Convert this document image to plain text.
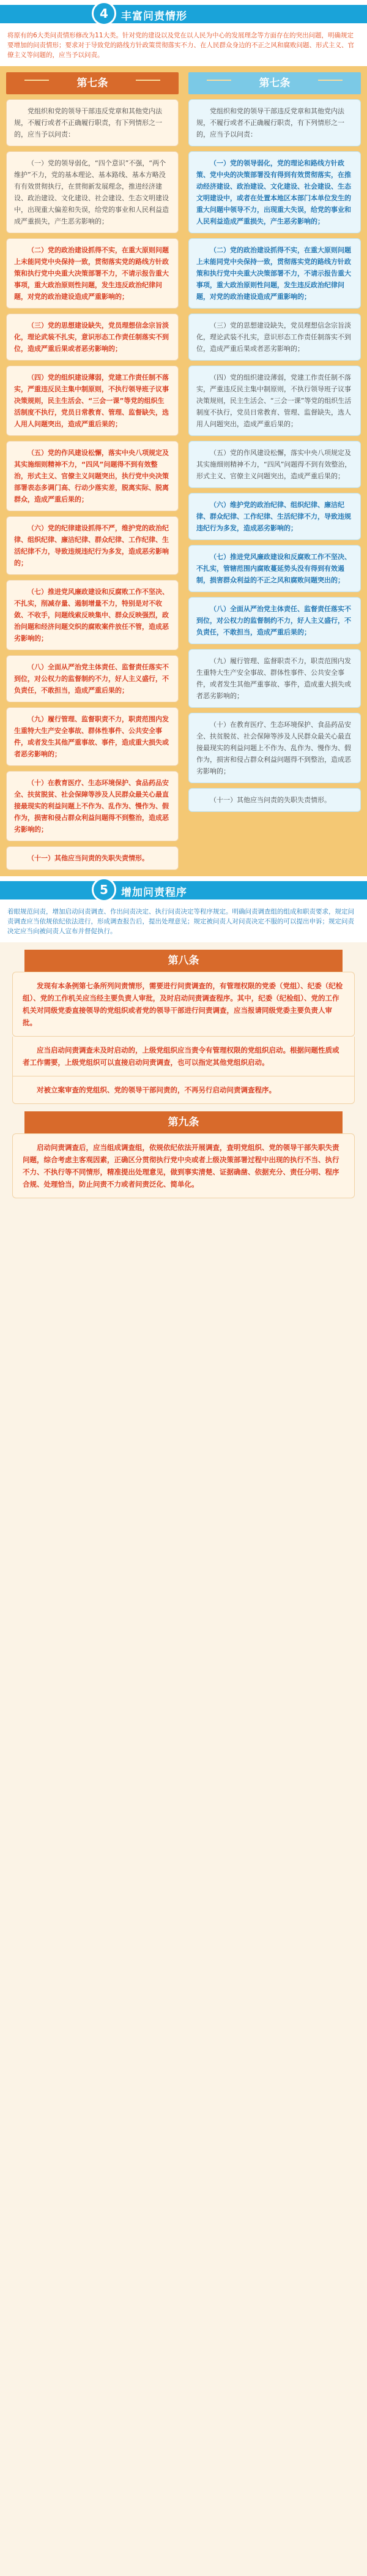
4	丰富问责情形
将原有的6大类问责情形修改为11大类。针对党的建设以及党在以人民为中心的发展理念等方面存在的突出问题，明确规定要增加的问责情形；要求对于导致党的路线方针政策贯彻落实不力、在人民群众身边的不正之风和腐败问题、形式主义、官僚主义等问题的，应当予以问责。
第七条
党组织和党的领导干部违反党章和其他党内法规，不履行或者不正确履行职责，有下列情形之一的，应当予以问责：
（一）党的领导弱化，“四个意识”不强，“两个维护”不力，党的基本理论、基本路线、基本方略没有有效贯彻执行，在贯彻新发展理念，推进经济建设、政治建设、文化建设、社会建设、生态文明建设中，出现重大偏差和失误，给党的事业和人民利益造成严重损失，产生恶劣影响的；
（二）党的政治建设抓得不实，在重大原则问题上未能同党中央保持一致，贯彻落实党的路线方针政策和执行党中央重大决策部署不力，不请示报告重大事项，重大政治原则性问题，发生违反政治纪律问题，对党的政治建设造成严重影响的；
（三）党的思想建设缺失，党员理想信念宗旨淡化，理论武装不扎实，意识形态工作责任制落实不到位，造成严重后果或者恶劣影响的；
（四）党的组织建设薄弱，党建工作责任制不落实，严重违反民主集中制原则，不执行领导班子议事决策规则，民主生活会、“三会一课”等党的组织生活制度不执行，党员日常教育、管理、监督缺失，选人用人问题突出，造成严重后果的；
（五）党的作风建设松懈，落实中央八项规定及其实施细则精神不力，“四风”问题得不到有效整治，形式主义、官僚主义问题突出，执行党中央决策部署表态多调门高、行动少落实差，脱离实际、脱离群众，造成严重后果的；
（六）党的纪律建设抓得不严，维护党的政治纪律、组织纪律、廉洁纪律、群众纪律、工作纪律、生活纪律不力，导致违规违纪行为多发，造成恶劣影响的；
（七）推进党风廉政建设和反腐败工作不坚决、不扎实，削减存量、遏制增量不力，特别是对不收敛、不收手，问题线索反映集中、群众反映强烈，政治问题和经济问题交织的腐败案件放任不管，造成恶劣影响的；
（八）全面从严治党主体责任、监督责任落实不到位，对公权力的监督制约不力，好人主义盛行，不负责任，不敢担当，造成严重后果的；
（九）履行管理、监督职责不力，职责范围内发生重特大生产安全事故、群体性事件、公共安全事件，或者发生其他严重事故、事件，造成重大损失或者恶劣影响的；
（十）在教育医疗、生态环境保护、食品药品安全、扶贫脱贫、社会保障等涉及人民群众最关心最直接最现实的利益问题上不作为、乱作为、慢作为、假作为，损害和侵占群众利益问题得不到整治，造成恶劣影响的；
（十一）其他应当问责的失职失责情形。
第七条
党组织和党的领导干部违反党章和其他党内法规，不履行或者不正确履行职责，有下列情形之一的，应当予以问责：
（一）党的领导弱化，党的理论和路线方针政策、党中央的决策部署没有得到有效贯彻落实，在推动经济建设、政治建设、文化建设、社会建设、生态文明建设中，或者在处置本地区本部门本单位发生的重大问题中领导不力，出现重大失误，给党的事业和人民利益造成严重损失，产生恶劣影响的；
（二）党的政治建设抓得不实，在重大原则问题上未能同党中央保持一致，贯彻落实党的路线方针政策和执行党中央重大决策部署不力，不请示报告重大事项，重大政治原则性问题，发生违反政治纪律问题，对党的政治建设造成严重影响的；
（三）党的思想建设缺失，党员理想信念宗旨淡化，理论武装不扎实，意识形态工作责任制落实不到位，造成严重后果或者恶劣影响的；
（四）党的组织建设薄弱，党建工作责任制不落实，严重违反民主集中制原则，不执行领导班子议事决策规则，民主生活会、“三会一课”等党的组织生活制度不执行，党员日常教育、管理、监督缺失，选人用人问题突出，造成严重后果的；
（五）党的作风建设松懈，落实中央八项规定及其实施细则精神不力，“四风”问题得不到有效整治，形式主义、官僚主义问题突出，造成严重后果的；
（六）维护党的政治纪律、组织纪律、廉洁纪律、群众纪律、工作纪律、生活纪律不力，导致违规违纪行为多发，造成恶劣影响的；
（七）推进党风廉政建设和反腐败工作不坚决、不扎实，管辖范围内腐败蔓延势头没有得到有效遏制，损害群众利益的不正之风和腐败问题突出的；
（八）全面从严治党主体责任、监督责任落实不到位，对公权力的监督制约不力，好人主义盛行，不负责任，不敢担当，造成严重后果的；
（九）履行管理、监督职责不力，职责范围内发生重特大生产安全事故、群体性事件、公共安全事件，或者发生其他严重事故、事件，造成重大损失或者恶劣影响的；
（十）在教育医疗、生态环境保护、食品药品安全、扶贫脱贫、社会保障等涉及人民群众最关心最直接最现实的利益问题上不作为、乱作为、慢作为、假作为，损害和侵占群众利益问题得不到整治，造成恶劣影响的；
（十一）其他应当问责的失职失责情形。
5	增加问责程序
着眼规范问责，增加启动问责调查、作出问责决定、执行问责决定等程序规定。明确问责调查组的组成和职责要求，规定问责调查应当依规依纪依法进行，形成调查报告后，提出处理意见；规定被问责人对问责决定不服的可以提出申诉；规定问责决定应当向被问责人宣布并督促执行。
第八条
发现有本条例第七条所列问责情形，需要进行问责调查的，有管理权限的党委（党组）、纪委（纪检组）、党的工作机关应当经主要负责人审批，及时启动问责调查程序。其中，纪委（纪检组）、党的工作机关对同级党委直接领导的党组织或者党的领导干部进行问责调查，应当报请同级党委主要负责人审批。
应当启动问责调查未及时启动的，上级党组织应当责令有管理权限的党组织启动。根据问题性质或者工作需要，上级党组织可以直接启动问责调查，也可以指定其他党组织启动。
对被立案审查的党组织、党的领导干部问责的，不再另行启动问责调查程序。
第九条
启动问责调查后，应当组成调查组，依规依纪依法开展调查，查明党组织、党的领导干部失职失责问题，综合考虑主客观因素，正确区分贯彻执行党中央或者上级决策部署过程中出现的执行不当、执行不力、不执行等不同情形，精准提出处理意见，做到事实清楚、证据确凿、依据充分、责任分明、程序合规、处理恰当，防止问责不力或者问责泛化、简单化。
